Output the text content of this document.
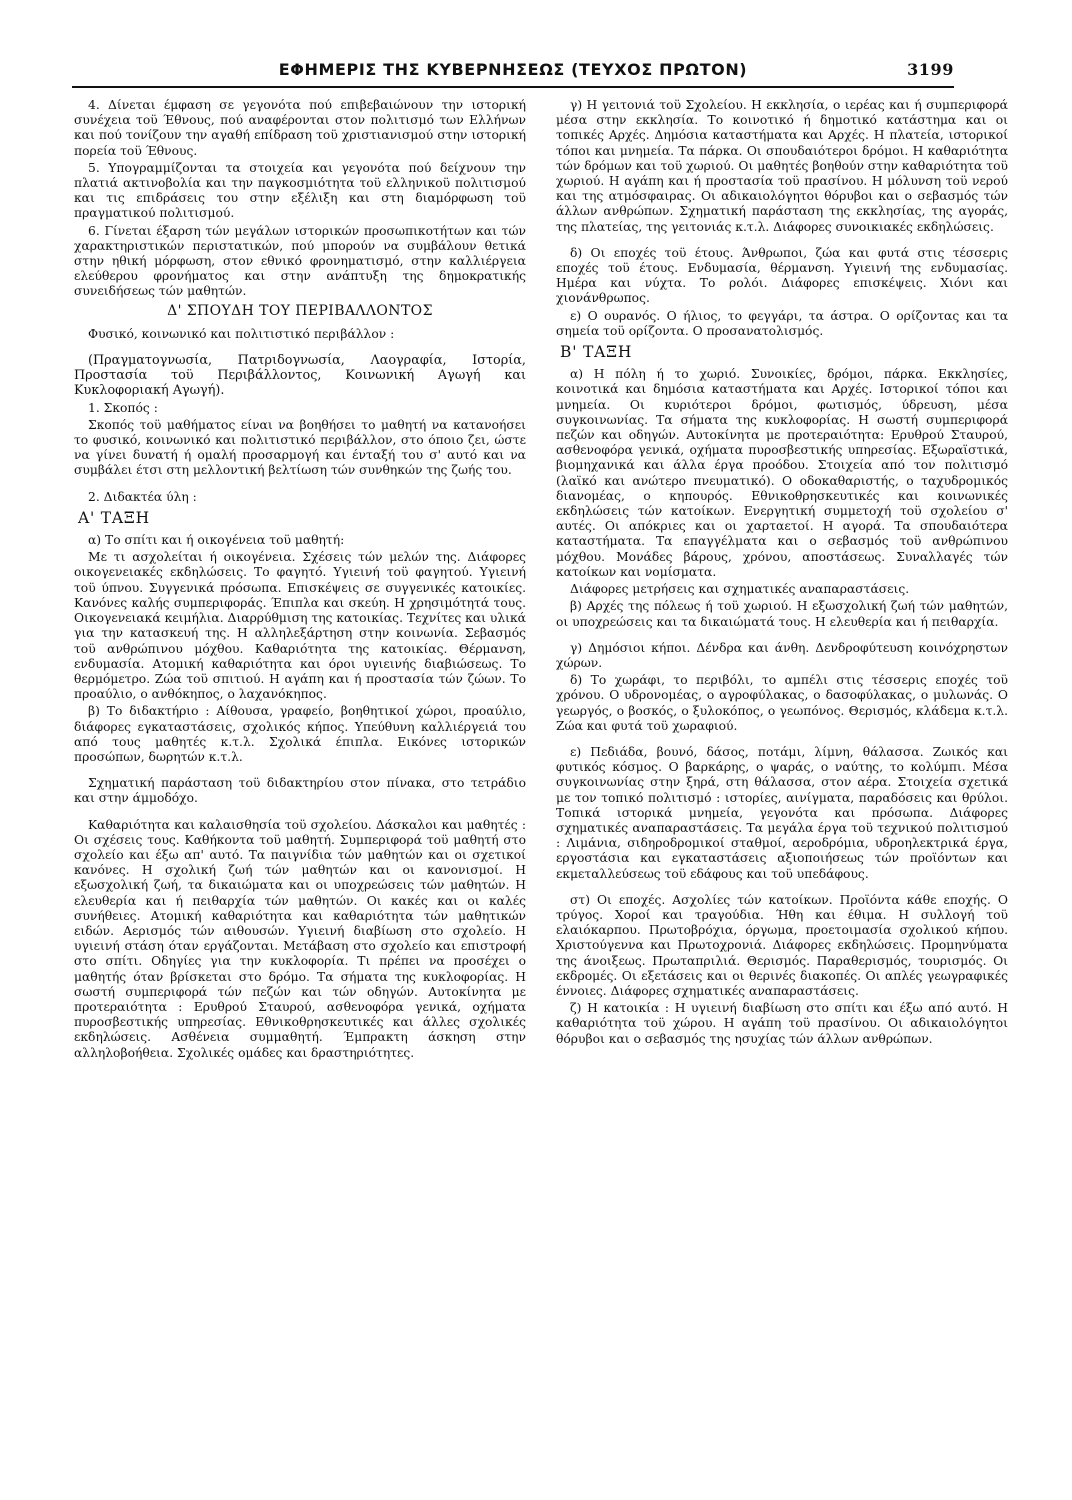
ΕΦΗΜΕΡΙΣ ΤΗΣ ΚΥΒΕΡΝΗΣΕΩΣ (ΤΕΥΧΟΣ ΠΡΩΤΟΝ)	3199

4. Δίνεται έμφαση σε γεγονότα πού επιβεβαιώνουν την ιστορική συνέχεια τοϋ Έθνους, πού αναφέρονται στον πολιτισμό των Ελλήνων και πού τονίζουν την αγαθή επίδραση τοϋ χριστιανισμού στην ιστορική πορεία τοϋ Έθνους.

5. Υπογραμμίζονται τα στοιχεία και γεγονότα πού δείχνουν την πλατιά ακτινοβολία και την παγκοσμιότητα τοϋ ελληνικοϋ πολιτισμού και τις επιδράσεις του στην εξέλιξη και στη διαμόρφωση τοϋ πραγματικού πολιτισμού.

6. Γίνεται έξαρση τών μεγάλων ιστορικών προσωπικοτήτων και τών χαρακτηριστικών περιστατικών, πού μπορούν να συμβάλουν θετικά στην ηθική μόρφωση, στον εθνικό φρονηματισμό, στην καλλιέργεια ελεύθερου φρονήματος και στην ανάπτυξη της δημοκρατικής συνειδήσεως τών μαθητών.

Δ' ΣΠΟΥΔΗ ΤΟΥ ΠΕΡΙΒΑΛΛΟΝΤΟΣ

Φυσικό, κοινωνικό και πολιτιστικό περιβάλλον :

(Πραγματογνωσία, Πατριδογνωσία, Λαογραφία, Ιστορία, Προστασία τοϋ Περιβάλλοντος, Κοινωνική Αγωγή και Κυκλοφοριακή Αγωγή).

1. Σκοπός :

Σκοπός τοϋ μαθήματος είναι να βοηθήσει το μαθητή να κατανοήσει το φυσικό, κοινωνικό και πολιτιστικό περιβάλλον, στο όποιο ζει, ώστε να γίνει δυνατή ή ομαλή προσαρμογή και ένταξή του σ' αυτό και να συμβάλει έτσι στη μελλοντική βελτίωση τών συνθηκών της ζωής του.

2. Διδακτέα ύλη :

Α' ΤΑΞΗ

α) Το σπίτι και ή οικογένεια τοϋ μαθητή:

Με τι ασχολείται ή οικογένεια. Σχέσεις τών μελών της. Διάφορες οικογενειακές εκδηλώσεις. Το φαγητό. Υγιεινή τοϋ φαγητού. Υγιεινή τοϋ ύπνου. Συγγενικά πρόσωπα. Επισκέψεις σε συγγενικές κατοικίες. Κανόνες καλής συμπεριφοράς. Έπιπλα και σκεύη. Η χρησιμότητά τους. Οικογενειακά κειμήλια. Διαρρύθμιση της κατοικίας. Τεχνίτες και υλικά για την κατασκευή της. Η αλληλεξάρτηση στην κοινωνία. Σεβασμός τοϋ ανθρώπινου μόχθου. Καθαριότητα της κατοικίας. Θέρμανση, ενδυμασία. Ατομική καθαριότητα και όροι υγιεινής διαβιώσεως. Το θερμόμετρο. Ζώα τοϋ σπιτιού. Η αγάπη και ή προστασία τών ζώων. Το προαύλιο, ο ανθόκηπος, ο λαχανόκηπος.

β) Το διδακτήριο : Αίθουσα, γραφείο, βοηθητικοί χώροι, προαύλιο, διάφορες εγκαταστάσεις, σχολικός κήπος. Υπεύθυνη καλλιέργειά του από τους μαθητές κ.τ.λ. Σχολικά έπιπλα. Εικόνες ιστορικών προσώπων, δωρητών κ.τ.λ.

Σχηματική παράσταση τοϋ διδακτηρίου στον πίνακα, στο τετράδιο και στην άμμοδόχο.

Καθαριότητα και καλαισθησία τοϋ σχολείου. Δάσκαλοι και μαθητές : Οι σχέσεις τους. Καθήκοντα τοϋ μαθητή. Συμπεριφορά τοϋ μαθητή στο σχολείο και έξω απ' αυτό. Τα παιγνίδια τών μαθητών και οι σχετικοί κανόνες. Η σχολική ζωή τών μαθητών και οι κανονισμοί. Η εξωσχολική ζωή, τα δικαιώματα και οι υποχρεώσεις τών μαθητών. Η ελευθερία και ή πειθαρχία τών μαθητών. Οι κακές και οι καλές συνήθειες. Ατομική καθαριότητα και καθαριότητα τών μαθητικών ειδών. Αερισμός τών αιθουσών. Υγιεινή διαβίωση στο σχολείο. Η υγιεινή στάση όταν εργάζονται. Μετάβαση στο σχολείο και επιστροφή στο σπίτι. Οδηγίες για την κυκλοφορία. Τι πρέπει να προσέχει ο μαθητής όταν βρίσκεται στο δρόμο. Τα σήματα της κυκλοφορίας. Η σωστή συμπεριφορά τών πεζών και τών οδηγών. Αυτοκίνητα με προτεραιότητα : Ερυθρού Σταυρού, ασθενοφόρα γενικά, οχήματα πυροσβεστικής υπηρεσίας. Εθνικοθρησκευτικές και άλλες σχολικές εκδηλώσεις. Ασθένεια συμμαθητή. Έμπρακτη άσκηση στην αλληλοβοήθεια. Σχολικές ομάδες και δραστηριότητες.

γ) Η γειτονιά τοϋ Σχολείου. Η εκκλησία, ο ιερέας και ή συμπεριφορά μέσα στην εκκλησία. Το κοινοτικό ή δημοτικό κατάστημα και οι τοπικές Αρχές. Δημόσια καταστήματα και Αρχές. Η πλατεία, ιστορικοί τόποι και μνημεία. Τα πάρκα. Οι σπουδαιότεροι δρόμοι. Η καθαριότητα τών δρόμων και τοϋ χωριού. Οι μαθητές βοηθούν στην καθαριότητα τοϋ χωριού. Η αγάπη και ή προστασία τοϋ πρασίνου. Η μόλυνση τοϋ νερού και της ατμόσφαιρας. Οι αδικαιολόγητοι θόρυβοι και ο σεβασμός τών άλλων ανθρώπων. Σχηματική παράσταση της εκκλησίας, της αγοράς, της πλατείας, της γειτονιάς κ.τ.λ. Διάφορες συνοικιακές εκδηλώσεις.

δ) Οι εποχές τοϋ έτους. Άνθρωποι, ζώα και φυτά στις τέσσερις εποχές τοϋ έτους. Ενδυμασία, θέρμανση. Υγιεινή της ενδυμασίας. Ημέρα και νύχτα. Το ρολόι. Διάφορες επισκέψεις. Χιόνι και χιονάνθρωπος.

ε) Ο ουρανός. Ο ήλιος, το φεγγάρι, τα άστρα. Ο ορίζοντας και τα σημεία τοϋ ορίζοντα. Ο προσανατολισμός.

Β' ΤΑΞΗ

α) Η πόλη ή το χωριό. Συνοικίες, δρόμοι, πάρκα. Εκκλησίες, κοινοτικά και δημόσια καταστήματα και Αρχές. Ιστορικοί τόποι και μνημεία. Οι κυριότεροι δρόμοι, φωτισμός, ύδρευση, μέσα συγκοινωνίας. Τα σήματα της κυκλοφορίας. Η σωστή συμπεριφορά πεζών και οδηγών. Αυτοκίνητα με προτεραιότητα: Ερυθρού Σταυρού, ασθενοφόρα γενικά, οχήματα πυροσβεστικής υπηρεσίας. Εξωραϊστικά, βιομηχανικά και άλλα έργα προόδου. Στοιχεία από τον πολιτισμό (λαϊκό και ανώτερο πνευματικό). Ο οδοκαθαριστής, ο ταχυδρομικός διανομέας, ο κηπουρός. Εθνικοθρησκευτικές και κοινωνικές εκδηλώσεις τών κατοίκων. Ενεργητική συμμετοχή τοϋ σχολείου σ' αυτές. Οι απόκριες και οι χαρταετοί. Η αγορά. Τα σπουδαιότερα καταστήματα. Τα επαγγέλματα και ο σεβασμός τοϋ ανθρώπινου μόχθου. Μονάδες βάρους, χρόνου, αποστάσεως. Συναλλαγές τών κατοίκων και νομίσματα.

Διάφορες μετρήσεις και σχηματικές αναπαραστάσεις.

β) Αρχές της πόλεως ή τοϋ χωριού. Η εξωσχολική ζωή τών μαθητών, οι υποχρεώσεις και τα δικαιώματά τους. Η ελευθερία και ή πειθαρχία.

γ) Δημόσιοι κήποι. Δένδρα και άνθη. Δενδροφύτευση κοινόχρηστων χώρων.

δ) Το χωράφι, το περιβόλι, το αμπέλι στις τέσσερις εποχές τοϋ χρόνου. Ο υδρονομέας, ο αγροφύλακας, ο δασοφύλακας, ο μυλωνάς. Ο γεωργός, ο βοσκός, ο ξυλοκόπος, ο γεωπόνος. Θερισμός, κλάδεμα κ.τ.λ. Ζώα και φυτά τοϋ χωραφιού.

ε) Πεδιάδα, βουνό, δάσος, ποτάμι, λίμνη, θάλασσα. Ζωικός και φυτικός κόσμος. Ο βαρκάρης, ο ψαράς, ο ναύτης, το κολύμπι. Μέσα συγκοινωνίας στην ξηρά, στη θάλασσα, στον αέρα. Στοιχεία σχετικά με τον τοπικό πολιτισμό : ιστορίες, αινίγματα, παραδόσεις και θρύλοι. Τοπικά ιστορικά μνημεία, γεγονότα και πρόσωπα. Διάφορες σχηματικές αναπαραστάσεις. Τα μεγάλα έργα τοϋ τεχνικού πολιτισμού : Λιμάνια, σιδηροδρομικοί σταθμοί, αεροδρόμια, υδροηλεκτρικά έργα, εργοστάσια και εγκαταστάσεις αξιοποιήσεως τών προϊόντων και εκμεταλλεύσεως τοϋ εδάφους και τοϋ υπεδάφους.

στ) Οι εποχές. Ασχολίες τών κατοίκων. Προϊόντα κάθε εποχής. Ο τρύγος. Χοροί και τραγούδια. Ήθη και έθιμα. Η συλλογή τοϋ ελαιόκαρπου. Πρωτοβρόχια, όργωμα, προετοιμασία σχολικού κήπου. Χριστούγεννα και Πρωτοχρονιά. Διάφορες εκδηλώσεις. Προμηνύματα της άνοιξεως. Πρωταπριλιά. Θερισμός. Παραθερισμός, τουρισμός. Οι εκδρομές. Οι εξετάσεις και οι θερινές διακοπές. Οι απλές γεωγραφικές έννοιες. Διάφορες σχηματικές αναπαραστάσεις.

ζ) Η κατοικία : Η υγιεινή διαβίωση στο σπίτι και έξω από αυτό. Η καθαριότητα τοϋ χώρου. Η αγάπη τοϋ πρασίνου. Οι αδικαιολόγητοι θόρυβοι και ο σεβασμός της ησυχίας τών άλλων ανθρώπων.
